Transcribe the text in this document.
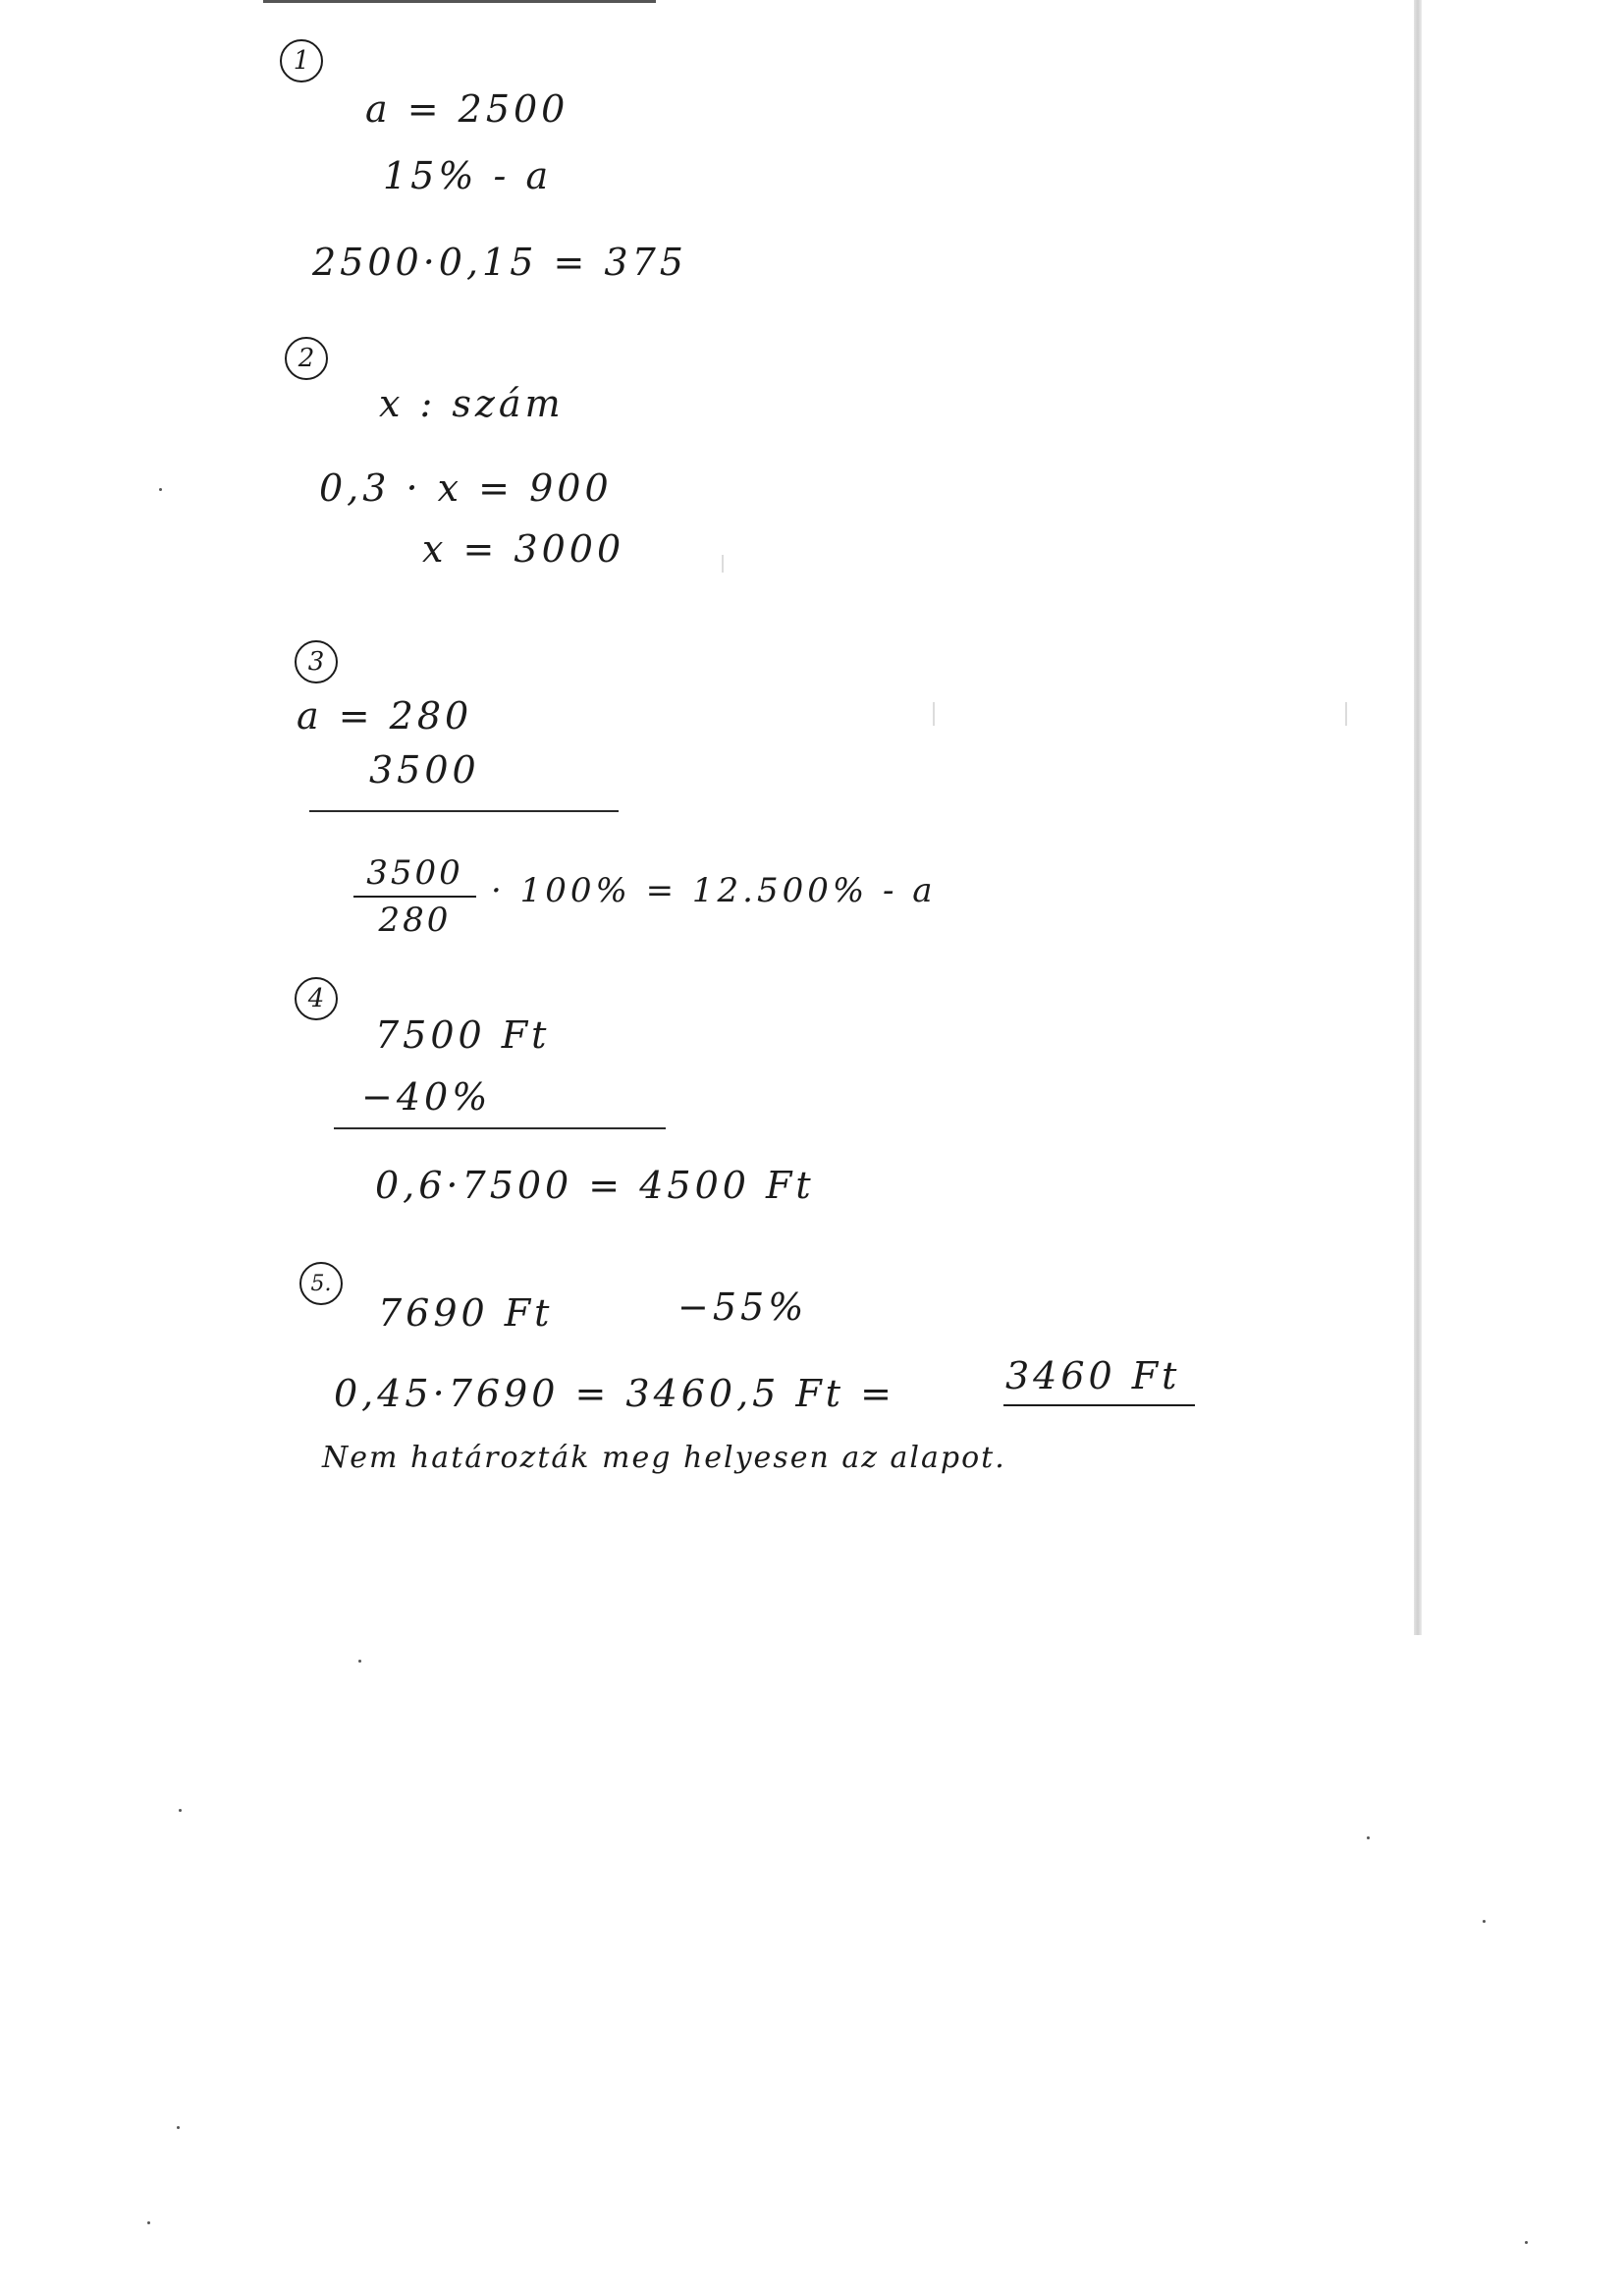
1
a = 2500
15% - a
2500·0,15 = 375
2
x : szám
0,3 · x = 900
x = 3000
3
a = 280
3500
3500
280
· 100% = 12.500% - a
4
7500 Ft
−40%
0,6·7500 = 4500 Ft
5.
7690 Ft	−55%
0,45·7690 = 3460,5 Ft =	3460 Ft
Nem határozták meg helyesen az alapot.
